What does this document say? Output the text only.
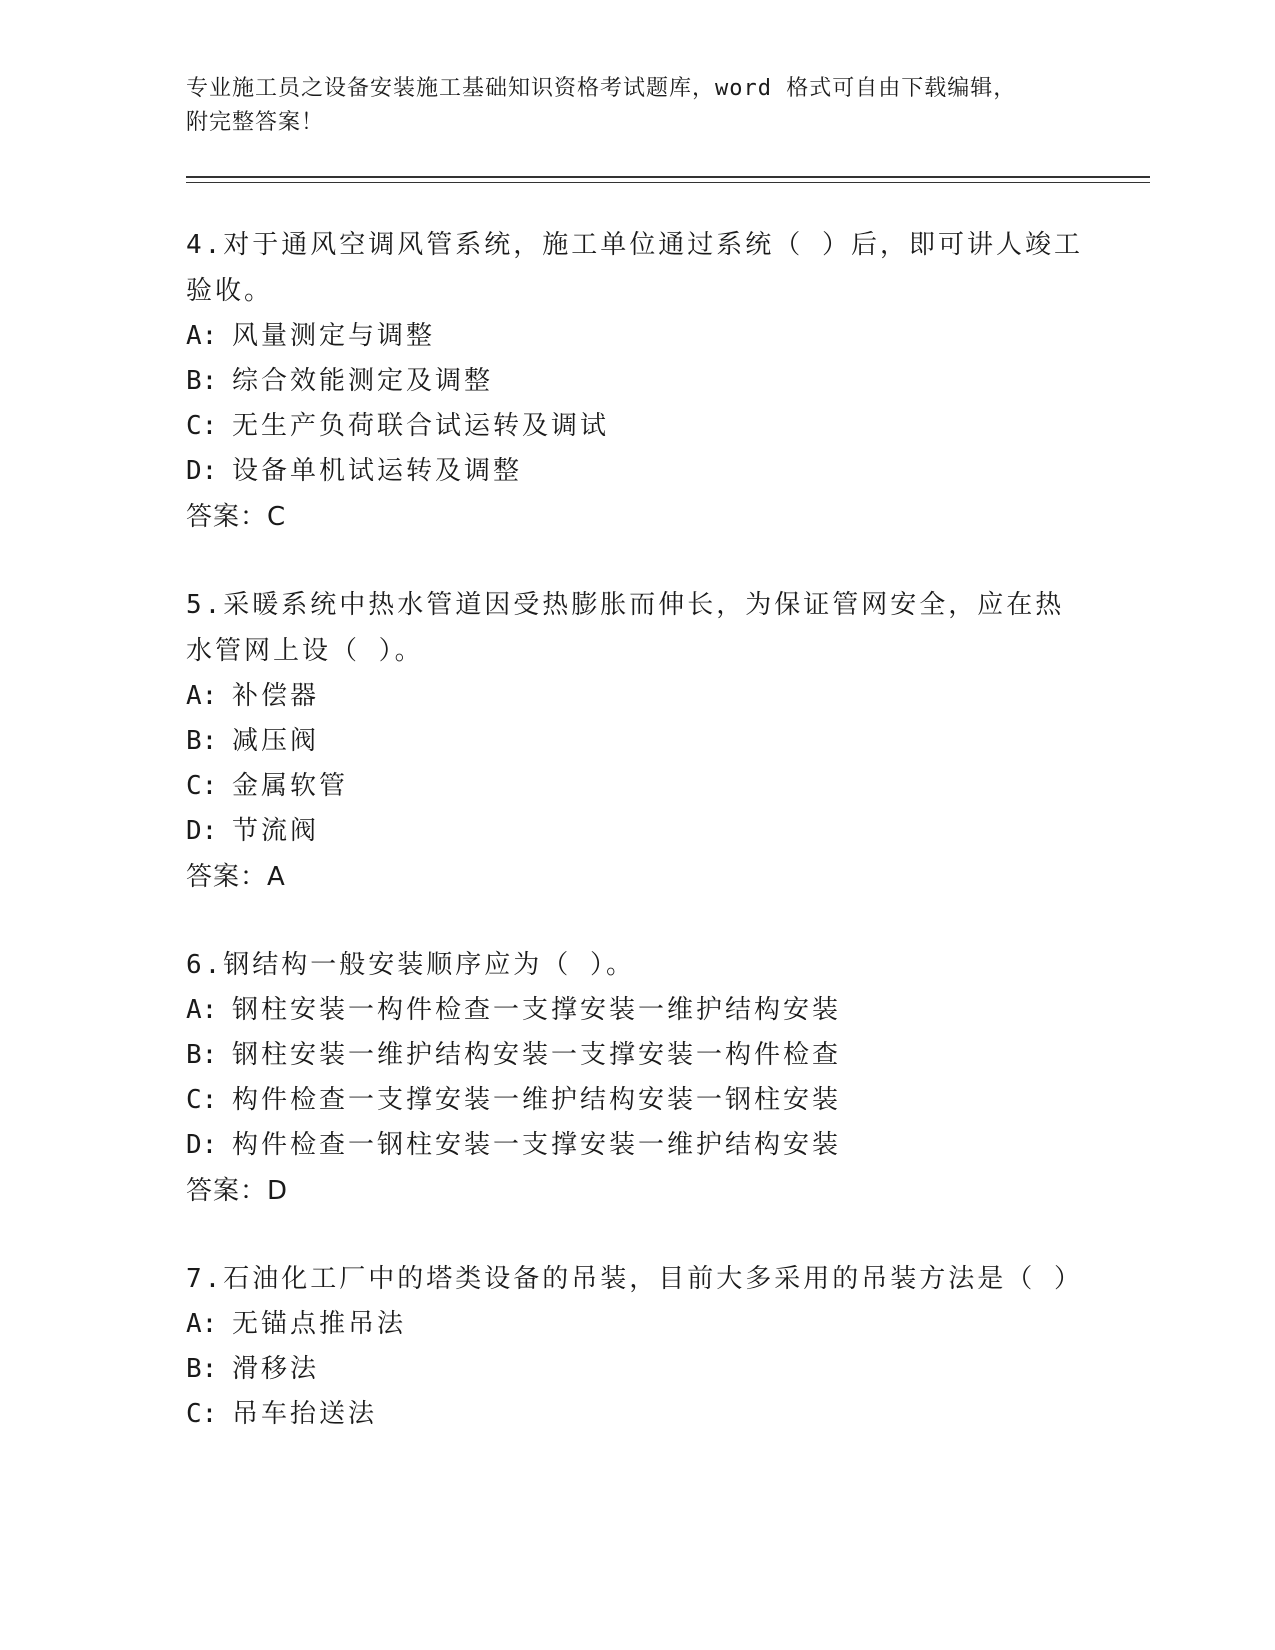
专业施工员之设备安装施工基础知识资格考试题库，word 格式可自由下载编辑，
附完整答案！
4.对于通风空调风管系统，施工单位通过系统（ ）后，即可讲人竣工
验收。
A: 风量测定与调整
B: 综合效能测定及调整
C: 无生产负荷联合试运转及调试
D: 设备单机试运转及调整
答案：C
5.采暖系统中热水管道因受热膨胀而伸长，为保证管网安全，应在热
水管网上设（ ）。
A: 补偿器
B: 减压阀
C: 金属软管
D: 节流阀
答案：A
6.钢结构一般安装顺序应为（ ）。
A: 钢柱安装一构件检查一支撑安装一维护结构安装
B: 钢柱安装一维护结构安装一支撑安装一构件检查
C: 构件检查一支撑安装一维护结构安装一钢柱安装
D: 构件检查一钢柱安装一支撑安装一维护结构安装
答案：D
7.石油化工厂中的塔类设备的吊装，目前大多采用的吊装方法是（ ）
A: 无锚点推吊法
B: 滑移法
C: 吊车抬送法
